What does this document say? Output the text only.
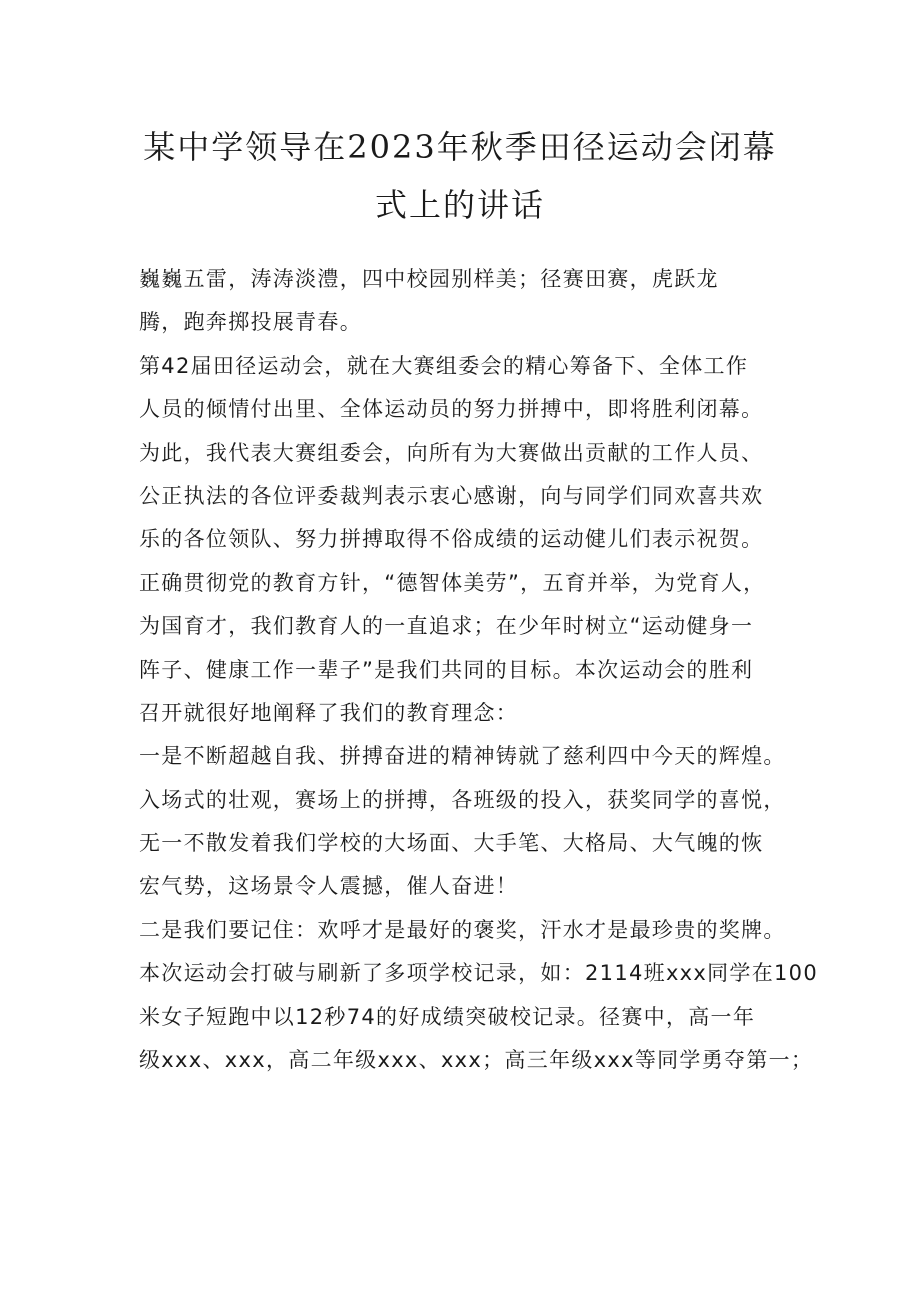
某中学领导在2023年秋季田径运动会闭幕
式上的讲话
巍巍五雷，涛涛淡澧，四中校园别样美；径赛田赛，虎跃龙
腾，跑奔掷投展青春。
第42届田径运动会，就在大赛组委会的精心筹备下、全体工作
人员的倾情付出里、全体运动员的努力拼搏中，即将胜利闭幕。
为此，我代表大赛组委会，向所有为大赛做出贡献的工作人员、
公正执法的各位评委裁判表示衷心感谢，向与同学们同欢喜共欢
乐的各位领队、努力拼搏取得不俗成绩的运动健儿们表示祝贺。
正确贯彻党的教育方针，“德智体美劳”，五育并举，为党育人，
为国育才，我们教育人的一直追求；在少年时树立“运动健身一
阵子、健康工作一辈子”是我们共同的目标。本次运动会的胜利
召开就很好地阐释了我们的教育理念：
一是不断超越自我、拼搏奋进的精神铸就了慈利四中今天的辉煌。
入场式的壮观，赛场上的拼搏，各班级的投入，获奖同学的喜悦，
无一不散发着我们学校的大场面、大手笔、大格局、大气魄的恢
宏气势，这场景令人震撼，催人奋进！
二是我们要记住：欢呼才是最好的褒奖，汗水才是最珍贵的奖牌。
本次运动会打破与刷新了多项学校记录，如：2114班xxx同学在100
米女子短跑中以12秒74的好成绩突破校记录。径赛中，高一年
级xxx、xxx，高二年级xxx、xxx；高三年级xxx等同学勇夺第一；
